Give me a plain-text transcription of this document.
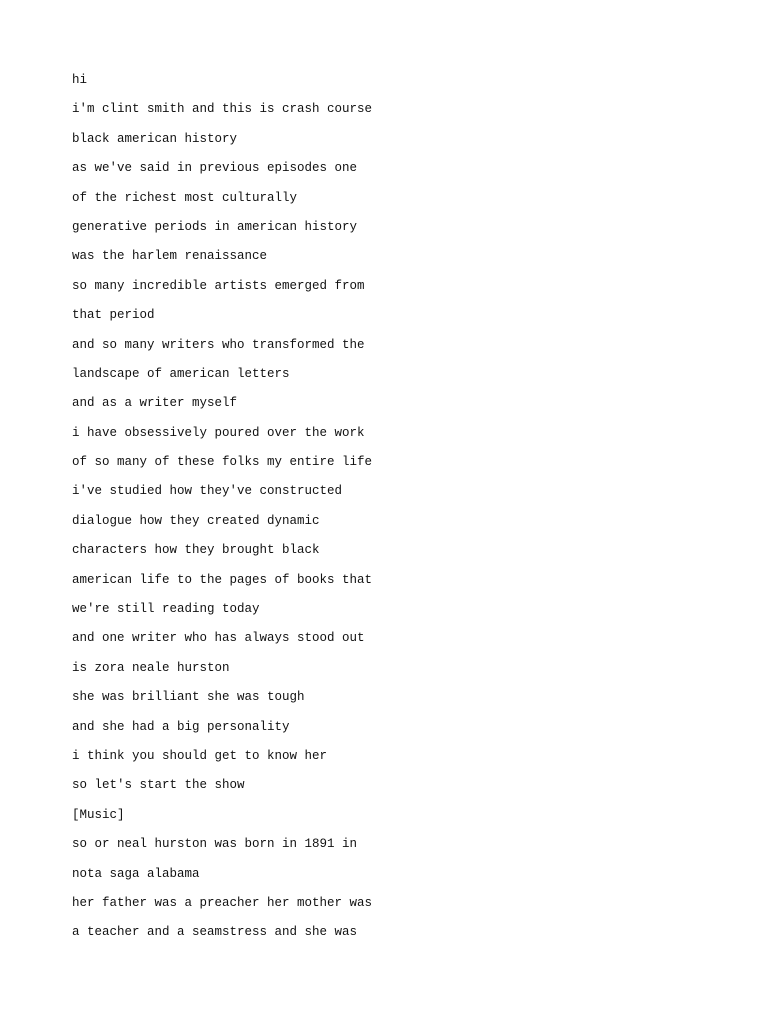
hi
i'm clint smith and this is crash course
black american history
as we've said in previous episodes one
of the richest most culturally
generative periods in american history
was the harlem renaissance
so many incredible artists emerged from
that period
and so many writers who transformed the
landscape of american letters
and as a writer myself
i have obsessively poured over the work
of so many of these folks my entire life
i've studied how they've constructed
dialogue how they created dynamic
characters how they brought black
american life to the pages of books that
we're still reading today
and one writer who has always stood out
is zora neale hurston
she was brilliant she was tough
and she had a big personality
i think you should get to know her
so let's start the show
[Music]
so or neal hurston was born in 1891 in
nota saga alabama
her father was a preacher her mother was
a teacher and a seamstress and she was
